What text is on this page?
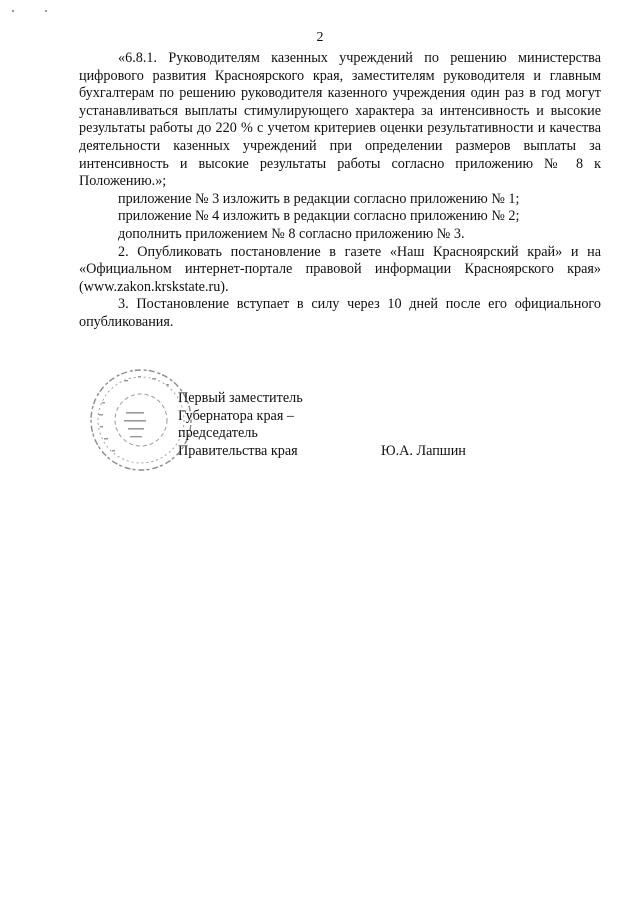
2

«6.8.1. Руководителям казенных учреждений по решению министерства цифрового развития Красноярского края, заместителям руководителя и главным бухгалтерам по решению руководителя казенного учреждения один раз в год могут устанавливаться выплаты стимулирующего характера за интенсивность и высокие результаты работы до 220 % с учетом критериев оценки результативности и качества деятельности казенных учреждений при определении размеров выплаты за интенсивность и высокие результаты работы согласно приложению № 8 к Положению.»;

приложение № 3 изложить в редакции согласно приложению № 1;

приложение № 4 изложить в редакции согласно приложению № 2;

дополнить приложением № 8 согласно приложению № 3.

2. Опубликовать постановление в газете «Наш Красноярский край» и на «Официальном интернет-портале правовой информации Красноярского края» (www.zakon.krskstate.ru).

3. Постановление вступает в силу через 10 дней после его официального опубликования.

Первый заместитель
Губернатора края –
председатель
Правительства края	Ю.А. Лапшин
